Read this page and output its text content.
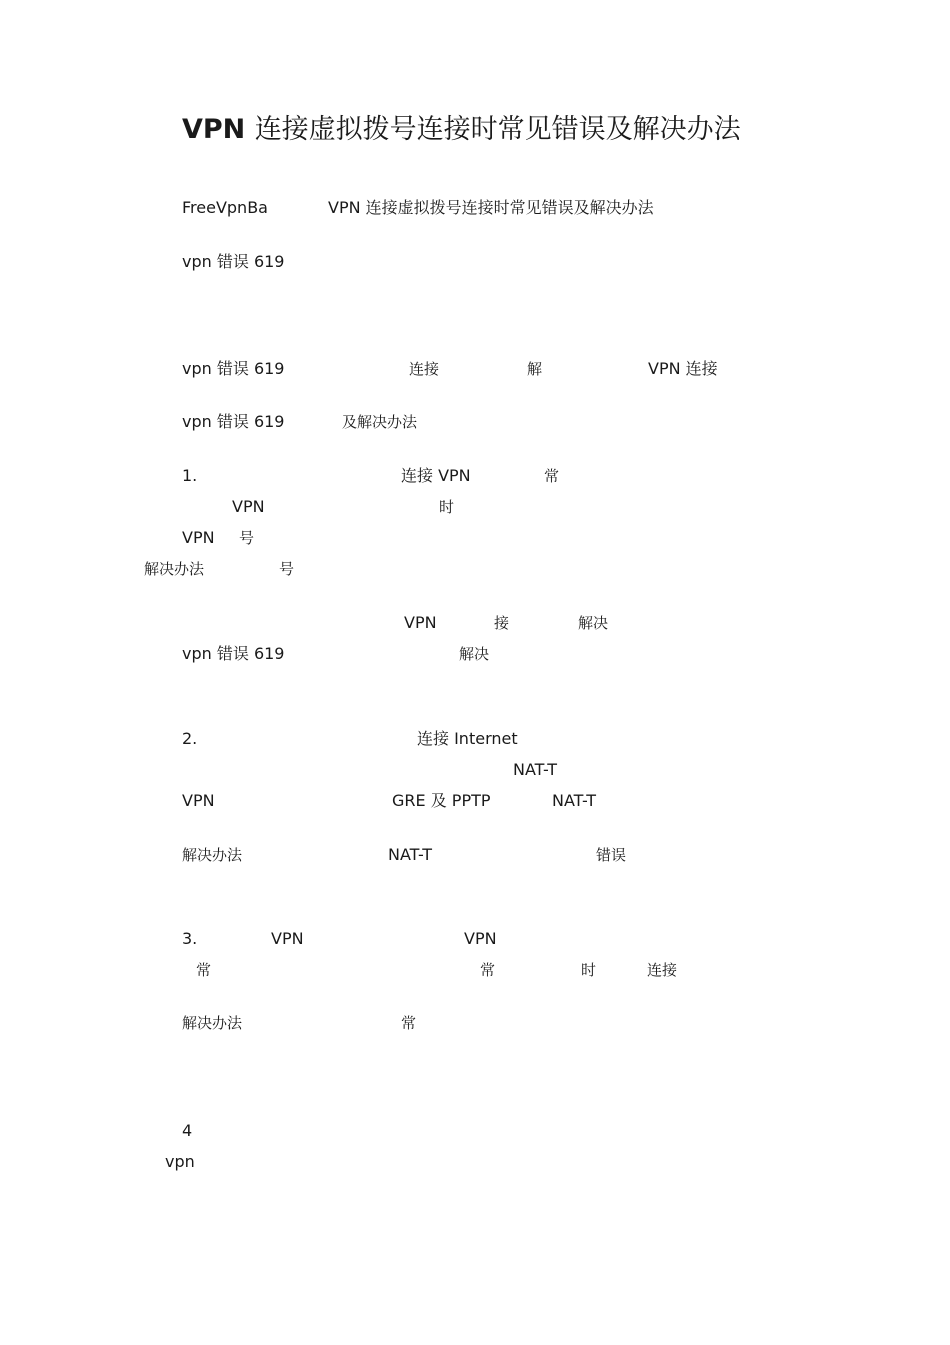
VPN 连接虚拟拨号连接时常见错误及解决办法
FreeVpnBa	VPN 连接虚拟拨号连接时常见错误及解决办法
vpn 错误 619
vpn 错误 619	连接	解	VPN 连接
vpn 错误 619	及解决办法
1.	连接 VPN	常
VPN	时
VPN 号
解决办法	号
VPN	接	解决
vpn 错误 619	解决
2.	连接 Internet
NAT-T
VPN	GRE 及 PPTP	NAT-T
解决办法	NAT-T	错误
3.	VPN	VPN
常	常	时	连接
解决办法	常
4
vpn
